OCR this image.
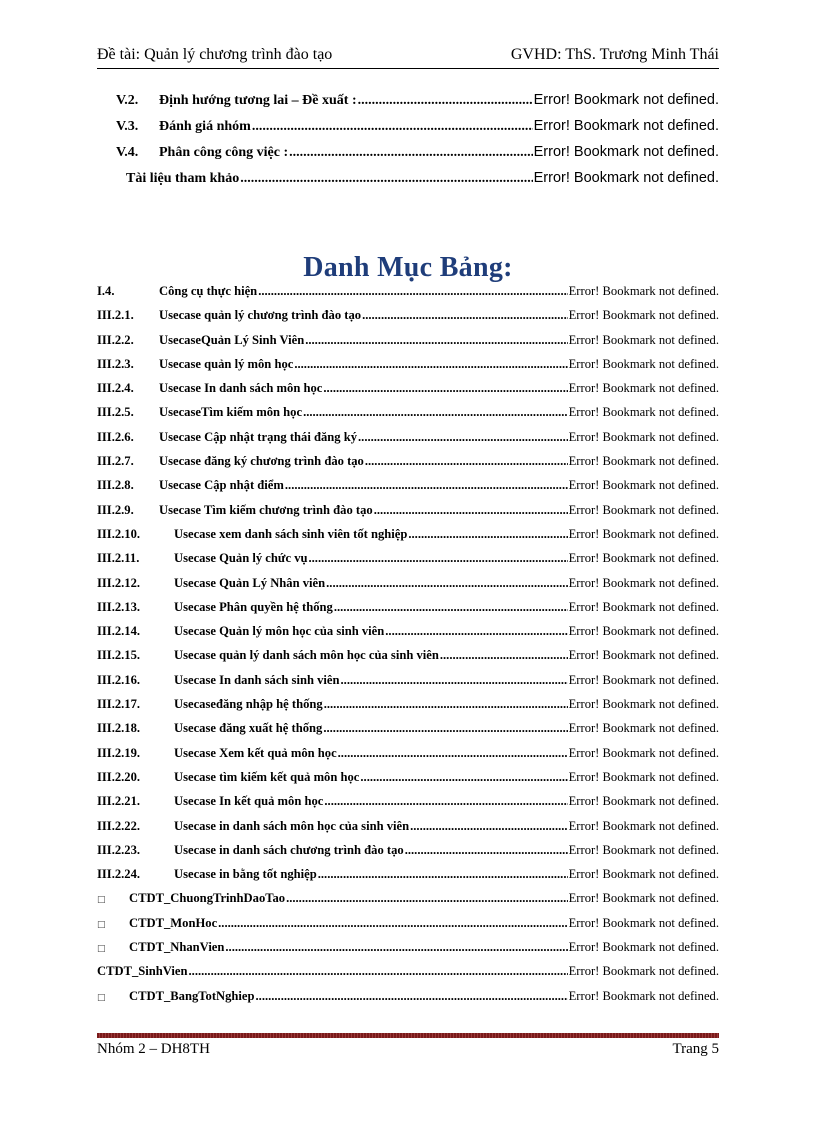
Đề tài: Quản lý chương trình đào tạo	GVHD: ThS. Trương Minh Thái
V.2.	Định hướng tương lai – Đề xuất : .....	Error! Bookmark not defined.
V.3.	Đánh giá nhóm .....	Error! Bookmark not defined.
V.4.	Phân công công việc : .....	Error! Bookmark not defined.
Tài liệu tham khảo .....	Error! Bookmark not defined.
Danh Mục Bảng:
I.4.	Công cụ thực hiện .....	Error! Bookmark not defined.
III.2.1.	Usecase quản lý chương trình đào tạo .....	Error! Bookmark not defined.
III.2.2.	UsecaseQuản Lý Sinh Viên .....	Error! Bookmark not defined.
III.2.3.	Usecase quản lý môn học .....	Error! Bookmark not defined.
III.2.4.	Usecase In danh sách môn học .....	Error! Bookmark not defined.
III.2.5.	UsecaseTìm kiếm môn học .....	Error! Bookmark not defined.
III.2.6.	Usecase Cập nhật trạng thái đăng ký .....	Error! Bookmark not defined.
III.2.7.	Usecase đăng ký chương trình đào tạo .....	Error! Bookmark not defined.
III.2.8.	Usecase Cập nhật điểm .....	Error! Bookmark not defined.
III.2.9.	Usecase Tìm kiếm chương trình đào tạo .....	Error! Bookmark not defined.
III.2.10.	Usecase xem danh sách sinh viên tốt nghiệp .....	Error! Bookmark not defined.
III.2.11.	Usecase Quản lý chức vụ .....	Error! Bookmark not defined.
III.2.12.	Usecase Quản Lý Nhân viên .....	Error! Bookmark not defined.
III.2.13.	Usecase Phân quyền hệ thống .....	Error! Bookmark not defined.
III.2.14.	Usecase Quản lý môn học của sinh viên .....	Error! Bookmark not defined.
III.2.15.	Usecase quản lý danh sách môn học của sinh viên .....	Error! Bookmark not defined.
III.2.16.	Usecase In danh sách sinh viên .....	Error! Bookmark not defined.
III.2.17.	Usecaseđăng nhập hệ thống .....	Error! Bookmark not defined.
III.2.18.	Usecase đăng xuất hệ thống .....	Error! Bookmark not defined.
III.2.19.	Usecase Xem kết quả môn học .....	Error! Bookmark not defined.
III.2.20.	Usecase tìm kiếm kết quả môn học .....	Error! Bookmark not defined.
III.2.21.	Usecase In kết quả môn học .....	Error! Bookmark not defined.
III.2.22.	Usecase in danh sách môn học của sinh viên .....	Error! Bookmark not defined.
III.2.23.	Usecase in danh sách chương trình đào tạo .....	Error! Bookmark not defined.
III.2.24.	Usecase in bằng tốt nghiệp .....	Error! Bookmark not defined.
□	CTDT_ChuongTrinhDaoTao .....	Error! Bookmark not defined.
□	CTDT_MonHoc .....	Error! Bookmark not defined.
□	CTDT_NhanVien .....	Error! Bookmark not defined.
CTDT_SinhVien .....	Error! Bookmark not defined.
□	CTDT_BangTotNghiep .....	Error! Bookmark not defined.
Nhóm 2 – DH8TH	Trang 5
